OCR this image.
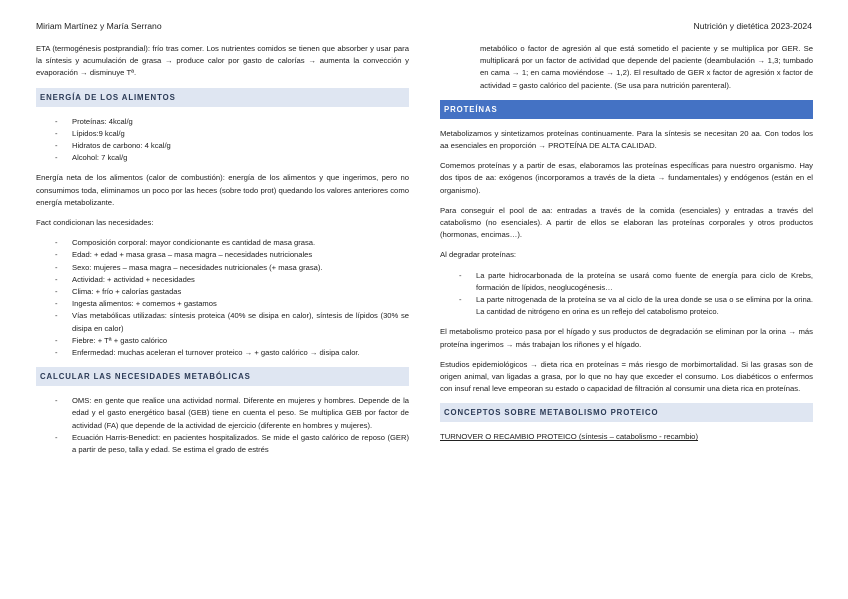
Miriam Martínez y María Serrano	Nutrición y dietética 2023-2024

ETA (termogénesis postprandial): frío tras comer. Los nutrientes comidos se tienen que absorber y usar para la síntesis y acumulación de grasa → produce calor por gasto de calorías → aumenta la convección y evaporación → disminuye Tª.

ENERGÍA DE LOS ALIMENTOS
- Proteínas: 4kcal/g
- Lípidos:9 kcal/g
- Hidratos de carbono: 4 kcal/g
- Alcohol: 7 kcal/g

Energía neta de los alimentos (calor de combustión): energía de los alimentos y que ingerimos, pero no consumimos toda, eliminamos un poco por las heces (sobre todo prot) quedando los valores anteriores como energía metabolizante.

Fact condicionan las necesidades:

- Composición corporal: mayor condicionante es cantidad de masa grasa.
- Edad: + edad + masa grasa – masa magra – necesidades nutricionales
- Sexo: mujeres – masa magra – necesidades nutricionales (+ masa grasa).
- Actividad: + actividad + necesidades
- Clima: + frío + calorías gastadas
- Ingesta alimentos: + comemos + gastamos
- Vías metabólicas utilizadas: síntesis proteica (40% se disipa en calor), síntesis de lípidos (30% se disipa en calor)
- Fiebre: + Tª + gasto calórico
- Enfermedad: muchas aceleran el turnover proteico → + gasto calórico → disipa calor.
CALCULAR LAS NECESIDADES METABÓLICAS
- OMS: en gente que realice una actividad normal. Diferente en mujeres y hombres. Depende de la edad y el gasto energético basal (GEB) tiene en cuenta el peso. Se multiplica GEB por factor de actividad (FA) que depende de la actividad de ejercicio (diferente en hombres y mujeres).
- Ecuación Harris-Benedict: en pacientes hospitalizados. Se mide el gasto calórico de reposo (GER) a partir de peso, talla y edad. Se estima el grado de estrés

metabólico o factor de agresión al que está sometido el paciente y se multiplica por GER. Se multiplicará por un factor de actividad que depende del paciente (deambulación → 1,3; tumbado en cama → 1; en cama moviéndose → 1,2). El resultado de GER x factor de agresión x factor de actividad = gasto calórico del paciente. (Se usa para nutrición parenteral).

PROTEÍNAS

Metabolizamos y sintetizamos proteínas continuamente. Para la síntesis se necesitan 20 aa. Con todos los aa esenciales en proporción → PROTEÍNA DE ALTA CALIDAD.

Comemos proteínas y a partir de esas, elaboramos las proteínas específicas para nuestro organismo. Hay dos tipos de aa: exógenos (incorporamos a través de la dieta → fundamentales) y endógenos (están en el organismo).

Para conseguir el pool de aa: entradas a través de la comida (esenciales) y entradas a través del catabolismo (no esenciales). A partir de ellos se elaboran las proteínas corporales y otros productos (hormonas, encimas…).

Al degradar proteínas:

- La parte hidrocarbonada de la proteína se usará como fuente de energía para ciclo de Krebs, formación de lípidos, neoglucogénesis…
- La parte nitrogenada de la proteína se va al ciclo de la urea donde se usa o se elimina por la orina. La cantidad de nitrógeno en orina es un reflejo del catabolismo proteico.

El metabolismo proteico pasa por el hígado y sus productos de degradación se eliminan por la orina → más proteína ingerimos → más trabajan los riñones y el hígado.

Estudios epidemiológicos → dieta rica en proteínas = más riesgo de morbimortalidad. Si las grasas son de origen animal, van ligadas a grasa, por lo que no hay que exceder el consumo. Los diabéticos o enfermos con insuf renal leve empeoran su estado o capacidad de filtración al consumir una dieta rica en proteínas.

CONCEPTOS SOBRE METABOLISMO PROTEICO

TURNOVER O RECAMBIO PROTEICO (síntesis – catabolismo - recambio)
